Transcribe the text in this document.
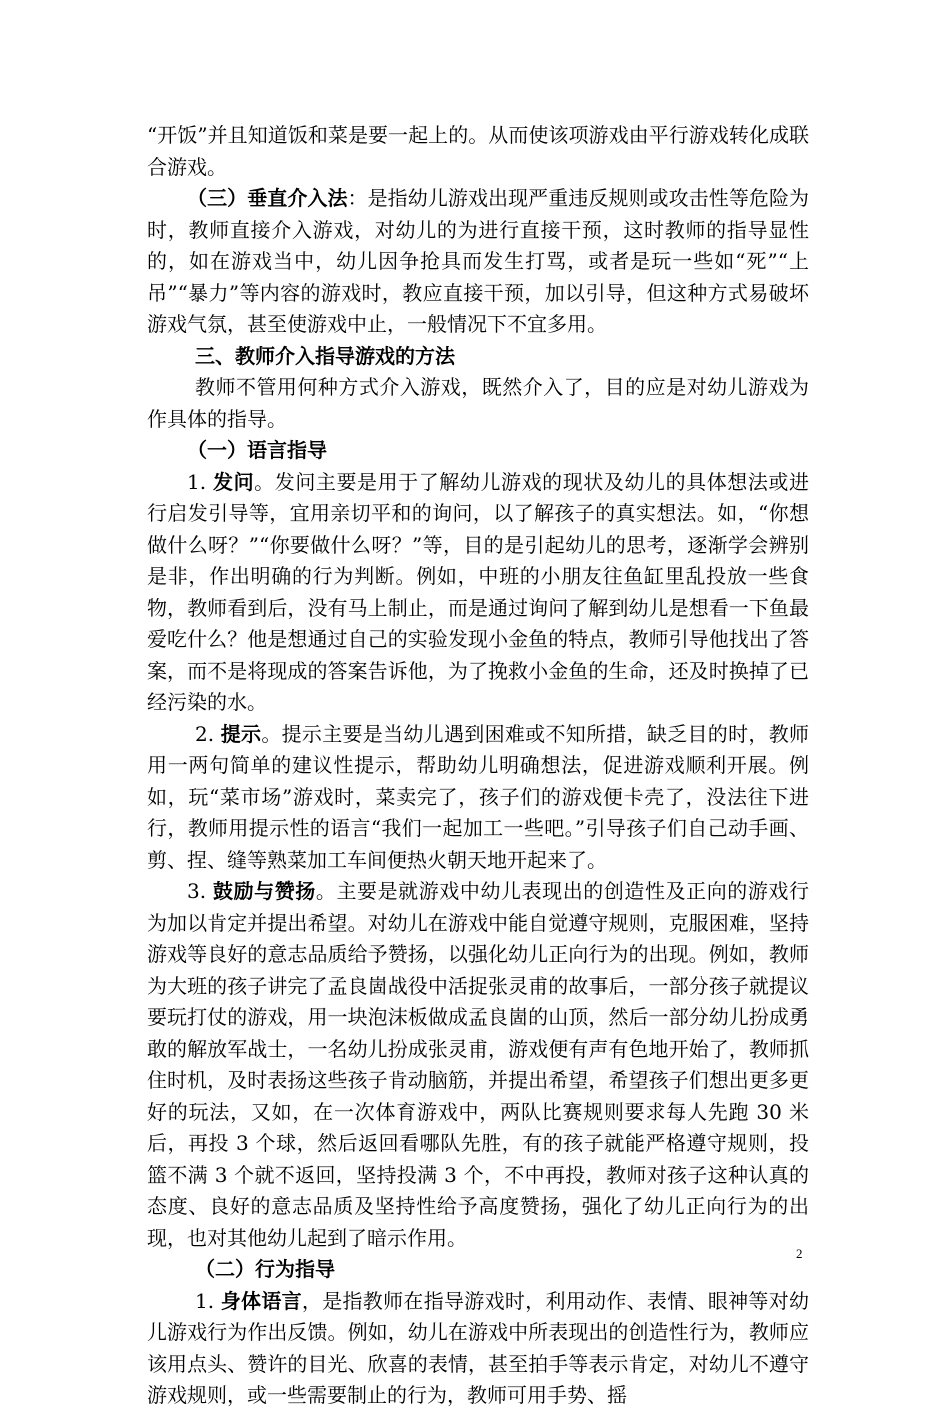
“开饭”并且知道饭和菜是要一起上的。从而使该项游戏由平行游戏转化成联合游戏。

（三）垂直介入法：是指幼儿游戏出现严重违反规则或攻击性等危险为时，教师直接介入游戏，对幼儿的为进行直接干预，这时教师的指导显性的，如在游戏当中，幼儿因争抢具而发生打骂，或者是玩一些如“死”“上吊”“暴力”等内容的游戏时，教应直接干预，加以引导，但这种方式易破坏游戏气氛，甚至使游戏中止，一般情况下不宜多用。

三、教师介入指导游戏的方法

教师不管用何种方式介入游戏，既然介入了，目的应是对幼儿游戏为作具体的指导。

（一）语言指导

1. 发问。发问主要是用于了解幼儿游戏的现状及幼儿的具体想法或进行启发引导等，宜用亲切平和的询问，以了解孩子的真实想法。如，“你想做什么呀？”“你要做什么呀？”等，目的是引起幼儿的思考，逐渐学会辨别是非，作出明确的行为判断。例如，中班的小朋友往鱼缸里乱投放一些食物，教师看到后，没有马上制止，而是通过询问了解到幼儿是想看一下鱼最爱吃什么？他是想通过自己的实验发现小金鱼的特点，教师引导他找出了答案，而不是将现成的答案告诉他，为了挽救小金鱼的生命，还及时换掉了已经污染的水。

2. 提示。提示主要是当幼儿遇到困难或不知所措，缺乏目的时，教师用一两句简单的建议性提示，帮助幼儿明确想法，促进游戏顺利开展。例如，玩“菜市场”游戏时，菜卖完了，孩子们的游戏便卡壳了，没法往下进行，教师用提示性的语言“我们一起加工一些吧。”引导孩子们自己动手画、剪、捏、缝等熟菜加工车间便热火朝天地开起来了。

3. 鼓励与赞扬。主要是就游戏中幼儿表现出的创造性及正向的游戏行为加以肯定并提出希望。对幼儿在游戏中能自觉遵守规则，克服困难，坚持游戏等良好的意志品质给予赞扬，以强化幼儿正向行为的出现。例如，教师为大班的孩子讲完了孟良崮战役中活捉张灵甫的故事后，一部分孩子就提议要玩打仗的游戏，用一块泡沫板做成孟良崮的山顶，然后一部分幼儿扮成勇敢的解放军战士，一名幼儿扮成张灵甫，游戏便有声有色地开始了，教师抓住时机，及时表扬这些孩子肯动脑筋，并提出希望，希望孩子们想出更多更好的玩法，又如，在一次体育游戏中，两队比赛规则要求每人先跑 30 米后，再投 3 个球，然后返回看哪队先胜，有的孩子就能严格遵守规则，投篮不满 3 个就不返回，坚持投满 3 个，不中再投，教师对孩子这种认真的态度、良好的意志品质及坚持性给予高度赞扬，强化了幼儿正向行为的出现，也对其他幼儿起到了暗示作用。

（二）行为指导

1. 身体语言，是指教师在指导游戏时，利用动作、表情、眼神等对幼儿游戏行为作出反馈。例如，幼儿在游戏中所表现出的创造性行为，教师应该用点头、赞许的目光、欣喜的表情，甚至拍手等表示肯定，对幼儿不遵守游戏规则，或一些需要制止的行为，教师可用手势、摇

2
